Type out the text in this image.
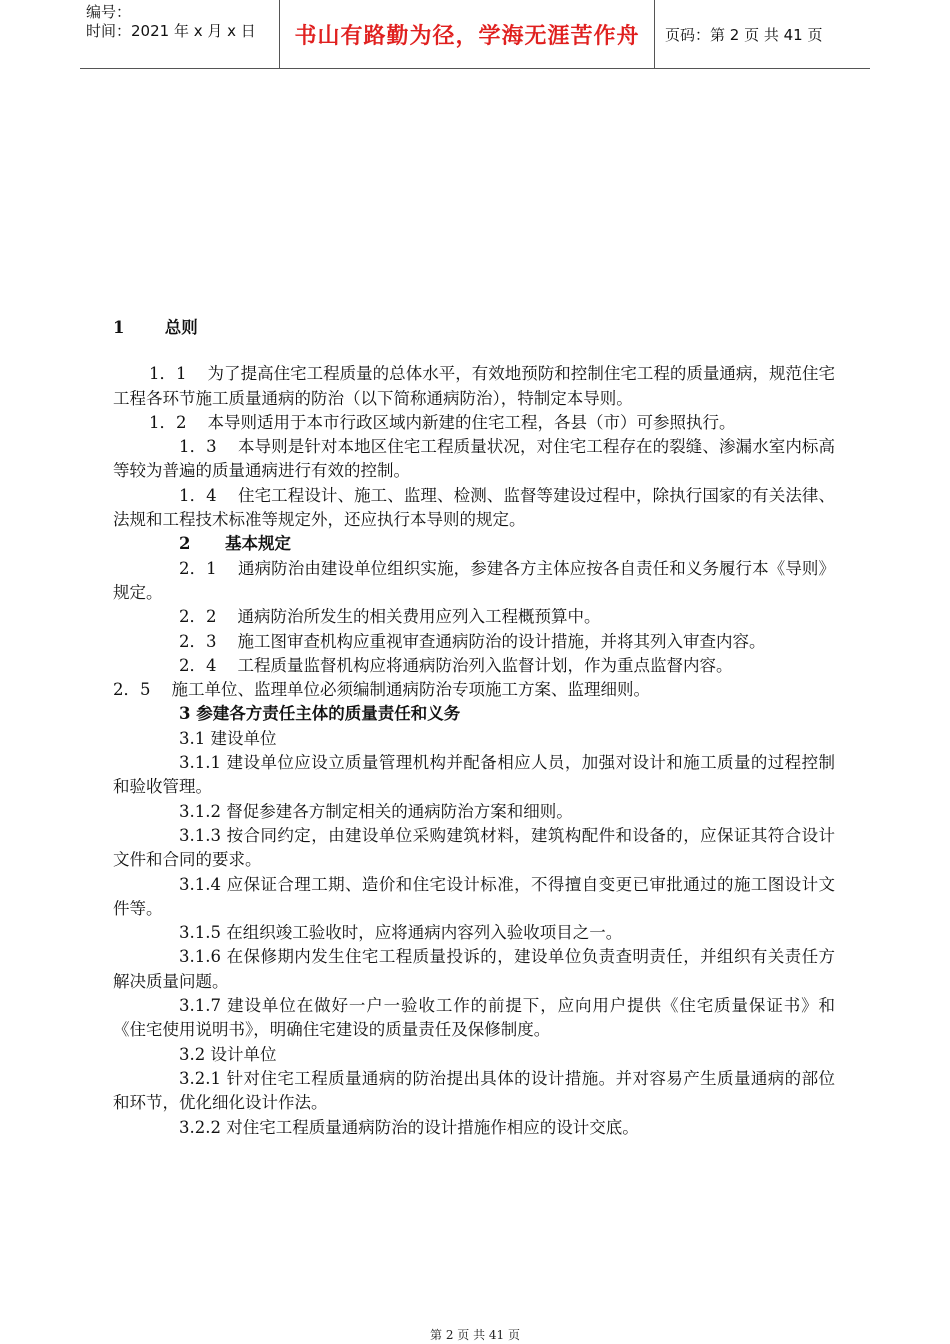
编号：
时间：2021 年 x 月 x 日	书山有路勤为径，学海无涯苦作舟	页码：第 2 页 共 41 页

1       总则

1．1    为了提高住宅工程质量的总体水平，有效地预防和控制住宅工程的质量通病，规范住宅工程各环节施工质量通病的防治（以下简称通病防治），特制定本导则。

1．2    本导则适用于本市行政区域内新建的住宅工程，各县（市）可参照执行。

1．3    本导则是针对本地区住宅工程质量状况，对住宅工程存在的裂缝、渗漏水室内标高等较为普遍的质量通病进行有效的控制。

1．4    住宅工程设计、施工、监理、检测、监督等建设过程中，除执行国家的有关法律、法规和工程技术标准等规定外，还应执行本导则的规定。

2      基本规定

2．1    通病防治由建设单位组织实施，参建各方主体应按各自责任和义务履行本《导则》规定。

2．2    通病防治所发生的相关费用应列入工程概预算中。

2．3    施工图审查机构应重视审查通病防治的设计措施，并将其列入审查内容。

2．4    工程质量监督机构应将通病防治列入监督计划，作为重点监督内容。

2．5    施工单位、监理单位必须编制通病防治专项施工方案、监理细则。

3 参建各方责任主体的质量责任和义务

3.1 建设单位

3.1.1 建设单位应设立质量管理机构并配备相应人员，加强对设计和施工质量的过程控制和验收管理。

3.1.2 督促参建各方制定相关的通病防治方案和细则。

3.1.3 按合同约定，由建设单位采购建筑材料，建筑构配件和设备的，应保证其符合设计文件和合同的要求。

3.1.4 应保证合理工期、造价和住宅设计标准，不得擅自变更已审批通过的施工图设计文件等。

3.1.5 在组织竣工验收时，应将通病内容列入验收项目之一。

3.1.6 在保修期内发生住宅工程质量投诉的，建设单位负责查明责任，并组织有关责任方解决质量问题。

3.1.7 建设单位在做好一户一验收工作的前提下，应向用户提供《住宅质量保证书》和《住宅使用说明书》，明确住宅建设的质量责任及保修制度。

3.2 设计单位

3.2.1 针对住宅工程质量通病的防治提出具体的设计措施。并对容易产生质量通病的部位和环节，优化细化设计作法。

3.2.2 对住宅工程质量通病防治的设计措施作相应的设计交底。

第 2 页 共 41 页
